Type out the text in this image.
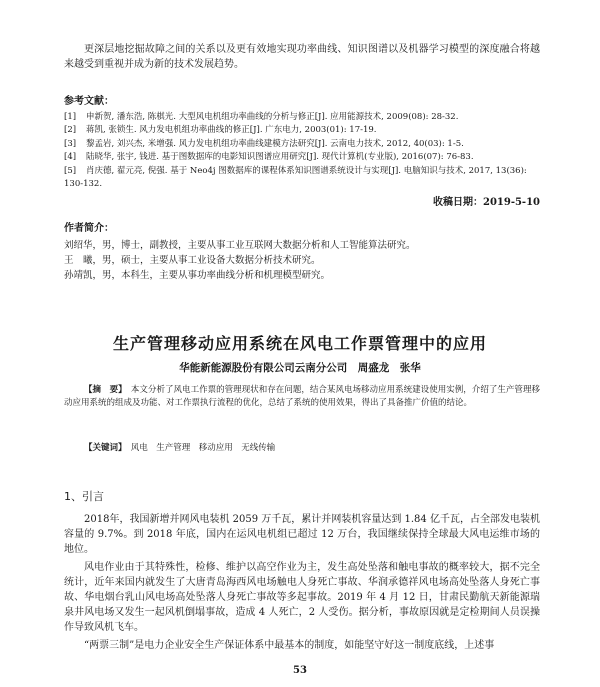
更深层地挖掘故障之间的关系以及更有效地实现功率曲线、知识图谱以及机器学习模型的深度融合将越来越受到重视并成为新的技术发展趋势。

参考文献：

[1] 申新贺, 潘东浩, 陈棋光. 大型风电机组功率曲线的分析与修正[J]. 应用能源技术, 2009(08): 28-32.

[2] 蒋凯, 张锁生. 风力发电机组功率曲线的修正[J]. 广东电力, 2003(01): 17-19.

[3] 黎孟岩, 刘兴杰, 米增强. 风力发电机组功率曲线建模方法研究[J]. 云南电力技术, 2012, 40(03): 1-5.

[4] 陆晓华, 张宇, 钱进. 基于图数据库的电影知识图谱应用研究[J]. 现代计算机(专业版), 2016(07): 76-83.

[5] 肖庆德, 翟元亮, 倪强. 基于 Neo4j 图数据库的课程体系知识图谱系统设计与实现[J]. 电脑知识与技术, 2017, 13(36): 130-132.

收稿日期：2019-5-10

作者简介：

刘绍华，男，博士，副教授，主要从事工业互联网大数据分析和人工智能算法研究。

王　曦，男，硕士，主要从事工业设备大数据分析技术研究。

孙靖凯，男，本科生，主要从事功率曲线分析和机理模型研究。

生产管理移动应用系统在风电工作票管理中的应用
华能新能源股份有限公司云南分公司　周盛龙　张华

【摘　要】　 本文分析了风电工作票的管理现状和存在问题，结合某风电场移动应用系统建设使用实例，介绍了生产管理移动应用系统的组成及功能、对工作票执行流程的优化，总结了系统的使用效果，得出了具备推广价值的结论。

【关键词】　 风电　生产管理　移动应用　无线传输

1、引言

2018年，我国新增并网风电装机 2059 万千瓦，累计并网装机容量达到 1.84 亿千瓦，占全部发电装机容量的 9.7%。到 2018 年底，国内在运风电机组已超过 12 万台，我国继续保持全球最大风电运维市场的地位。

风电作业由于其特殊性，检修、维护以高空作业为主，发生高处坠落和触电事故的概率较大，据不完全统计，近年来国内就发生了大唐青岛海西风电场触电人身死亡事故、华润承德祥风电场高处坠落人身死亡事故、华电烟台乳山风电场高处坠落人身死亡事故等多起事故。2019 年 4 月 12 日，甘肃民勤航天新能源瑞泉井风电场又发生一起风机倒塌事故，造成 4 人死亡，2 人受伤。据分析，事故原因就是定检期间人员误操作导致风机飞车。

“两票三制”是电力企业安全生产保证体系中最基本的制度，如能坚守好这一制度底线，上述事

53
